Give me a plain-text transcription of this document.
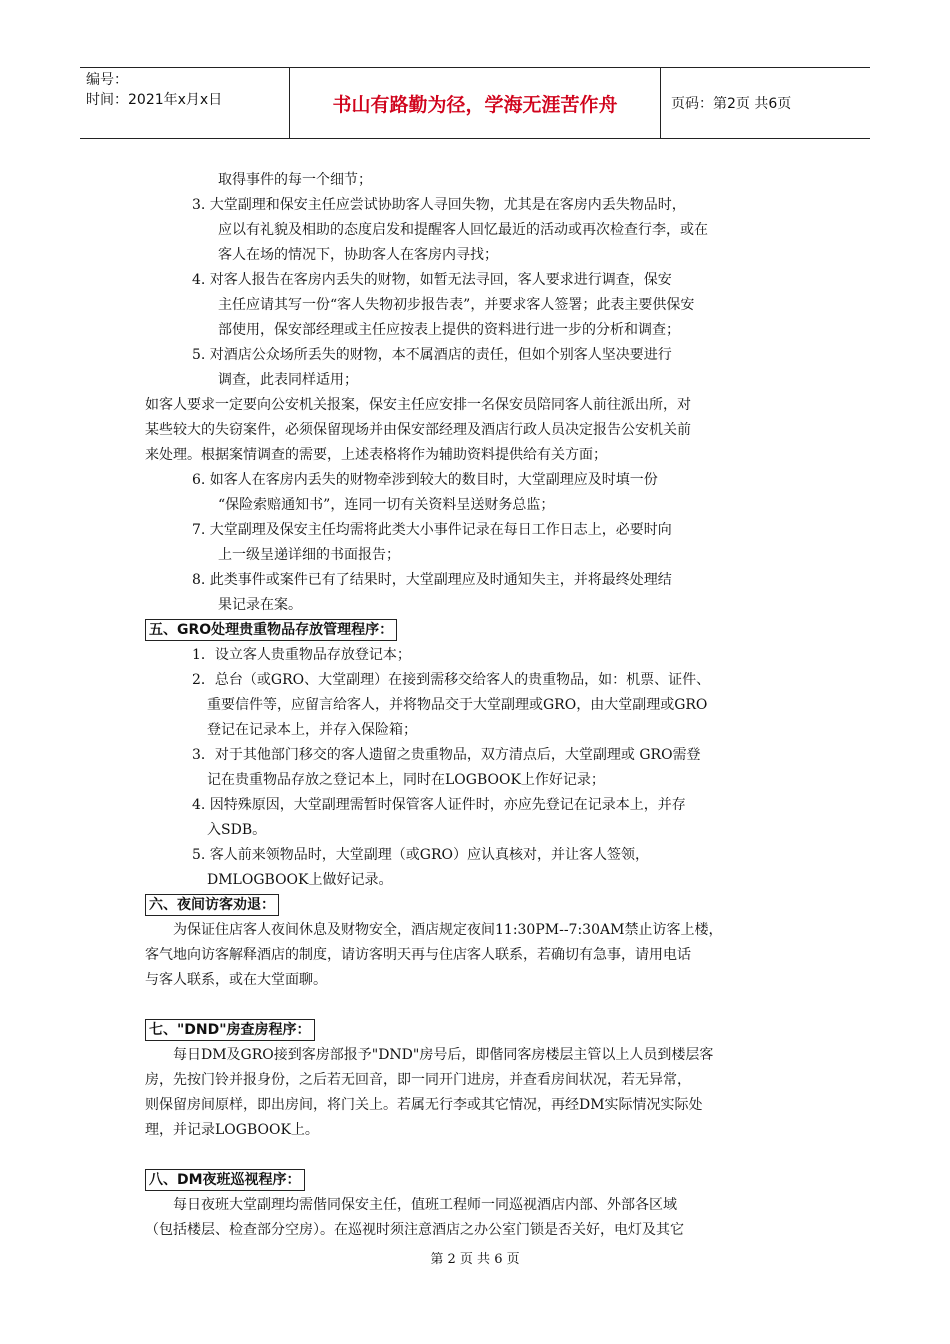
编号：
时间：2021年x月x日	书山有路勤为径，学海无涯苦作舟	页码：第2页 共6页
取得事件的每一个细节；
3. 大堂副理和保安主任应尝试协助客人寻回失物，尤其是在客房内丢失物品时，
应以有礼貌及相助的态度启发和提醒客人回忆最近的活动或再次检查行李，或在
客人在场的情况下，协助客人在客房内寻找；
4. 对客人报告在客房内丢失的财物，如暂无法寻回，客人要求进行调查，保安
主任应请其写一份“客人失物初步报告表”，并要求客人签署；此表主要供保安
部使用，保安部经理或主任应按表上提供的资料进行进一步的分析和调查；
5. 对酒店公众场所丢失的财物，本不属酒店的责任，但如个别客人坚决要进行
调查，此表同样适用；
如客人要求一定要向公安机关报案，保安主任应安排一名保安员陪同客人前往派出所，对
某些较大的失窃案件，必须保留现场并由保安部经理及酒店行政人员决定报告公安机关前
来处理。根据案情调查的需要，上述表格将作为辅助资料提供给有关方面；
6. 如客人在客房内丢失的财物牵涉到较大的数目时，大堂副理应及时填一份
“保险索赔通知书”，连同一切有关资料呈送财务总监；
7. 大堂副理及保安主任均需将此类大小事件记录在每日工作日志上，必要时向
上一级呈递详细的书面报告；
8. 此类事件或案件已有了结果时，大堂副理应及时通知失主，并将最终处理结
果记录在案。
五、GRO处理贵重物品存放管理程序：
1．设立客人贵重物品存放登记本；
2．总台（或GRO、大堂副理）在接到需移交给客人的贵重物品，如：机票、证件、
重要信件等，应留言给客人，并将物品交于大堂副理或GRO，由大堂副理或GRO
登记在记录本上，并存入保险箱；
3．对于其他部门移交的客人遗留之贵重物品，双方清点后，大堂副理或 GRO需登
记在贵重物品存放之登记本上，同时在LOGBOOK上作好记录；
4. 因特殊原因，大堂副理需暂时保管客人证件时，亦应先登记在记录本上，并存
入SDB。
5. 客人前来领物品时，大堂副理（或GRO）应认真核对，并让客人签领，
DMLOGBOOK上做好记录。
六、夜间访客劝退：
为保证住店客人夜间休息及财物安全，酒店规定夜间11:30PM--7:30AM禁止访客上楼，
客气地向访客解释酒店的制度，请访客明天再与住店客人联系，若确切有急事，请用电话
与客人联系，或在大堂面聊。
七、"DND"房查房程序：
每日DM及GRO接到客房部报予"DND"房号后，即偕同客房楼层主管以上人员到楼层客
房，先按门铃并报身份，之后若无回音，即一同开门进房，并查看房间状况，若无异常，
则保留房间原样，即出房间，将门关上。若属无行李或其它情况，再经DM实际情况实际处
理，并记录LOGBOOK上。
八、DM夜班巡视程序：
每日夜班大堂副理均需偕同保安主任，值班工程师一同巡视酒店内部、外部各区域
（包括楼层、检查部分空房）。在巡视时须注意酒店之办公室门锁是否关好，电灯及其它
第 2 页 共 6 页
